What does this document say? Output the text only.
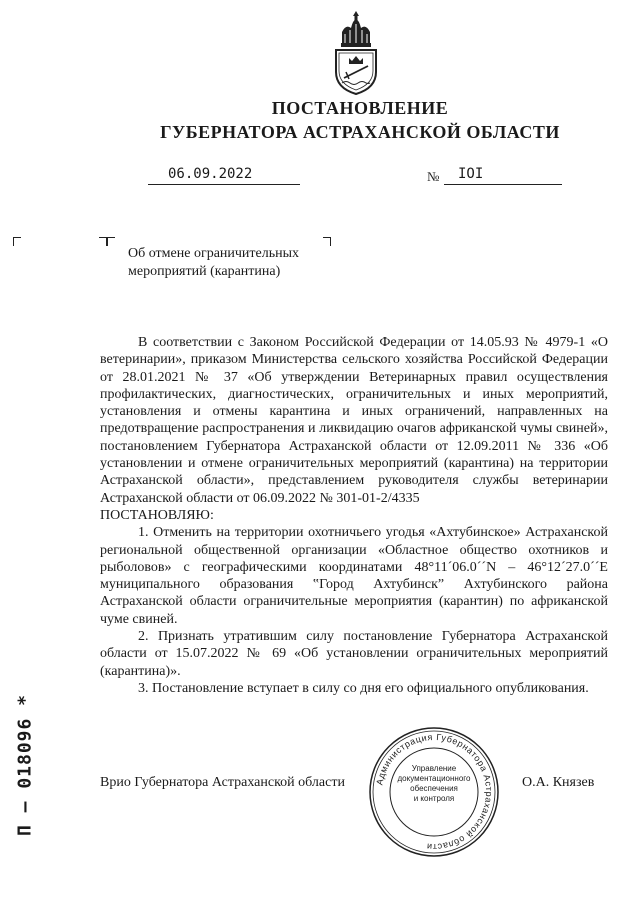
ПОСТАНОВЛЕНИЕ
ГУБЕРНАТОРА АСТРАХАНСКОЙ ОБЛАСТИ
06.09.2022	№ IOI
Об отмене ограничительных мероприятий (карантина)

В соответствии с Законом Российской Федерации от 14.05.93 № 4979-1 «О ветеринарии», приказом Министерства сельского хозяйства Российской Федерации от 28.01.2021 № 37 «Об утверждении Ветеринарных правил осуществления профилактических, диагностических, ограничительных и иных мероприятий, установления и отмены карантина и иных ограничений, направленных на предотвращение распространения и ликвидацию очагов африканской чумы свиней», постановлением Губернатора Астраханской области от 12.09.2011 № 336 «Об установлении и отмене ограничительных мероприятий (карантина) на территории Астраханской области», представлением руководителя службы ветеринарии Астраханской области от 06.09.2022 № 301-01-2/4335

ПОСТАНОВЛЯЮ:

1. Отменить на территории охотничьего угодья «Ахтубинское» Астраханской региональной общественной организации «Областное общество охотников и рыболовов» с географическими координатами 48°11´06.0´´N – 46°12´27.0´´E муниципального образования ‟Город Ахтубинск” Ахтубинского района Астраханской области ограничительные мероприятия (карантин) по африканской чуме свиней.

2. Признать утратившим силу постановление Губернатора Астраханской области от 15.07.2022 № 69 «Об установлении ограничительных мероприятий (карантина)».

3. Постановление вступает в силу со дня его официального опубликования.

Администрация Губернатора Астраханской области
Управление
документационного
обеспечения
и контроля
Врио Губернатора Астраханской области	О.А. Князев
П – 018096 *
